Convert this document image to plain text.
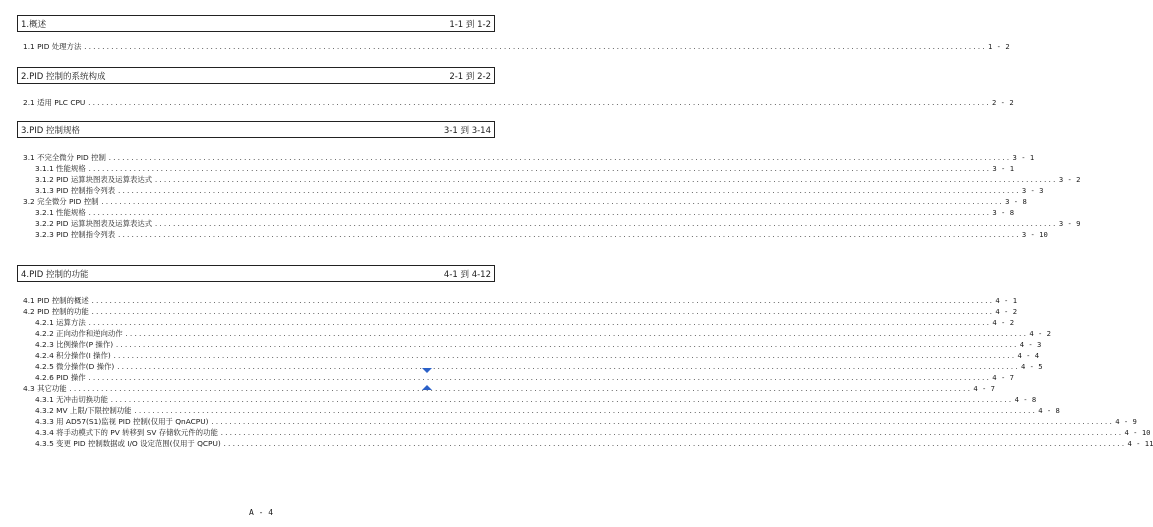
1.概述	1-1 到 1-2
1.1 PID 处理方法 .....	1 - 2
2.PID 控制的系统构成	2-1 到 2-2
2.1 适用 PLC CPU .....	2 - 2
3.PID 控制规格	3-1 到 3-14
3.1 不完全微分 PID 控制 .....	3 - 1
3.1.1 性能规格 .....	3 - 1
3.1.2 PID 运算块图表及运算表达式 .....	3 - 2
3.1.3 PID 控制指令列表 .....	3 - 3
3.2 完全微分 PID 控制 .....	3 - 8
3.2.1 性能规格 .....	3 - 8
3.2.2 PID 运算块图表及运算表达式 .....	3 - 9
3.2.3 PID 控制指令列表 .....	3 - 10
4.PID 控制的功能	4-1 到 4-12
4.1 PID 控制的概述 .....	4 - 1
4.2 PID 控制的功能 .....	4 - 2
4.2.1 运算方法 .....	4 - 2
4.2.2 正向动作和逆向动作 .....	4 - 2
4.2.3 比例操作(P 操作) .....	4 - 3
4.2.4 积分操作(I 操作) .....	4 - 4
4.2.5 微分操作(D 操作) .....	4 - 5
4.2.6 PID 操作 .....	4 - 7
4.3 其它功能 .....	4 - 7
4.3.1 无冲击切换功能 .....	4 - 8
4.3.2 MV 上限/下限控制功能 .....	4 - 8
4.3.3 用 AD57(S1)监视 PID 控制(仅用于 QnACPU) .....	4 - 9
4.3.4 将手动模式下的 PV 转移到 SV 存储软元件的功能 .....	4 - 10
4.3.5 变更 PID 控制数据或 I/O 设定范围(仅用于 QCPU) .....	4 - 11
A - 4
